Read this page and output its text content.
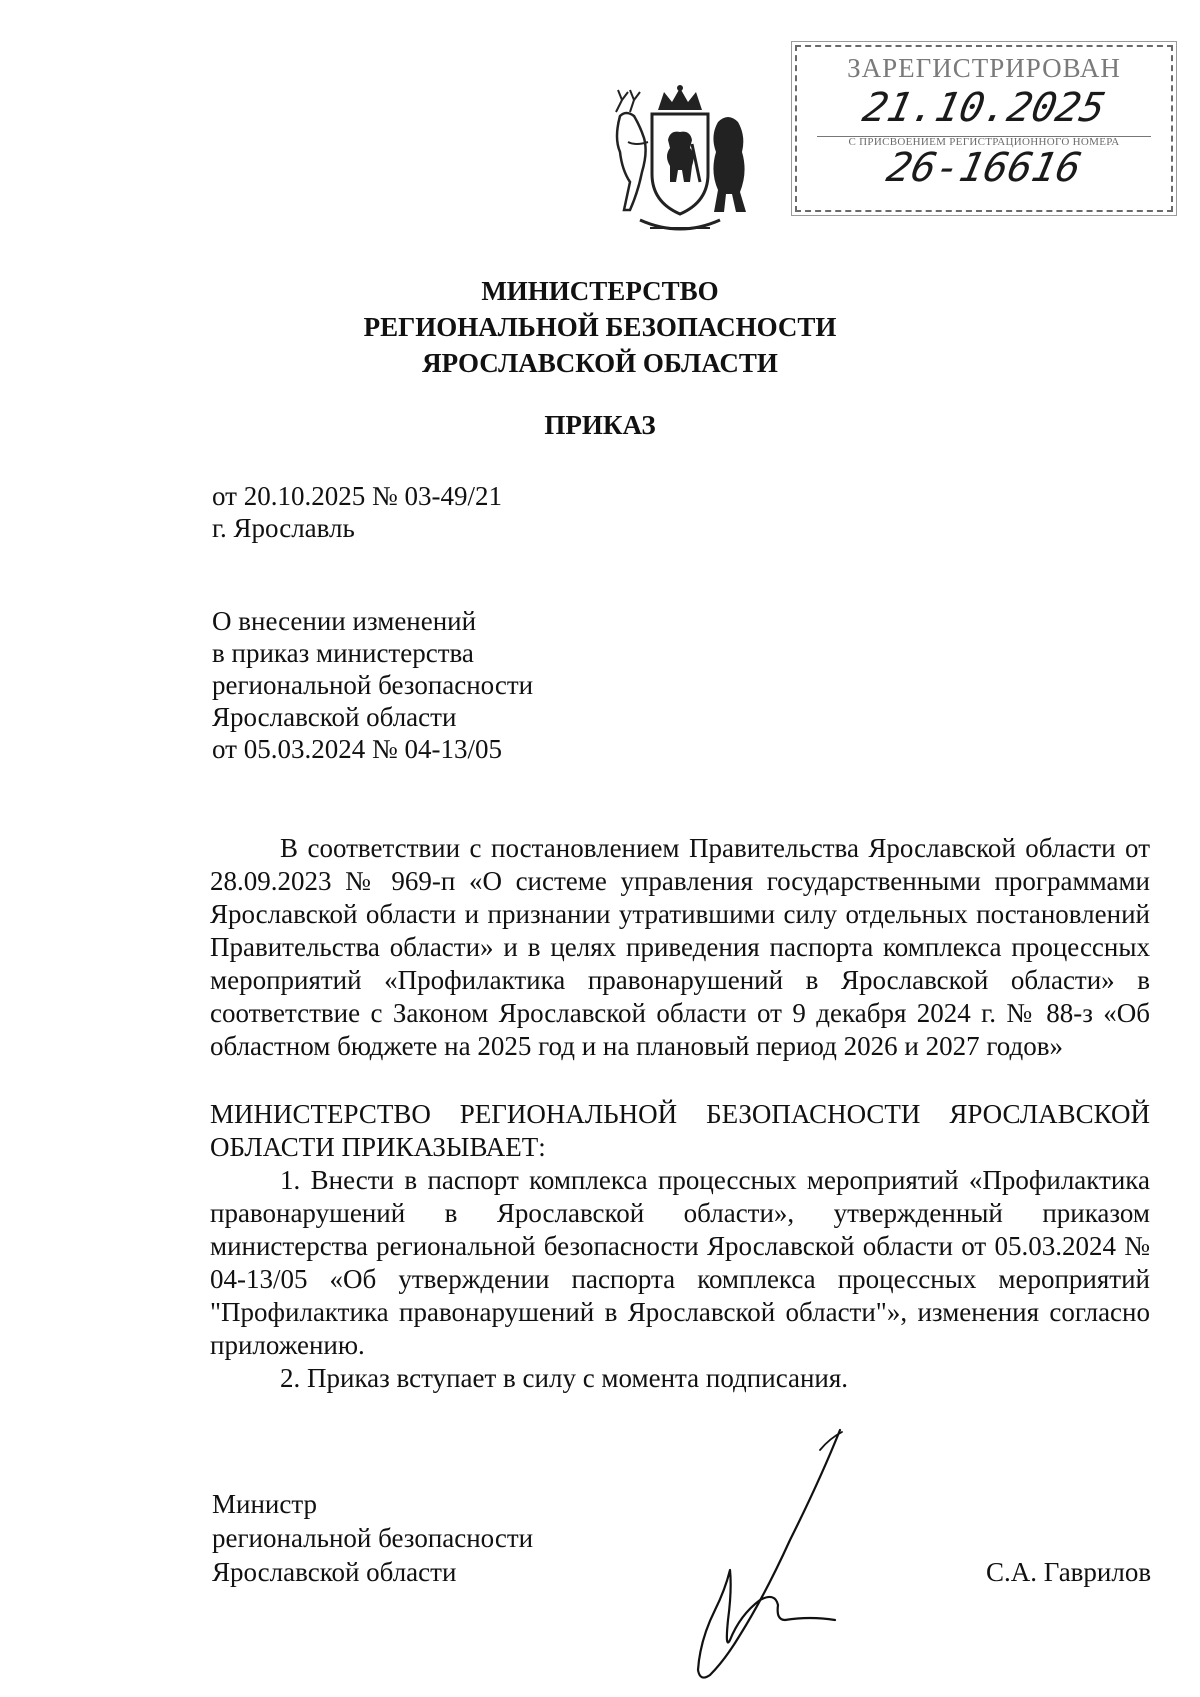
ЗАРЕГИСТРИРОВАН
21.10.2025
С ПРИСВОЕНИЕМ РЕГИСТРАЦИОННОГО НОМЕРА
26-16616
МИНИСТЕРСТВО
РЕГИОНАЛЬНОЙ БЕЗОПАСНОСТИ
ЯРОСЛАВСКОЙ ОБЛАСТИ
ПРИКАЗ
от 20.10.2025 № 03-49/21
г. Ярославль
О внесении изменений
в приказ министерства
региональной безопасности
Ярославской области
от 05.03.2024 № 04-13/05

В соответствии с постановлением Правительства Ярославской области от 28.09.2023 № 969-п «О системе управления государственными программами Ярославской области и признании утратившими силу отдельных постановлений Правительства области» и в целях приведения паспорта комплекса процессных мероприятий «Профилактика правонарушений в Ярославской области» в соответствие с Законом Ярославской области от 9 декабря 2024 г. № 88-з «Об областном бюджете на 2025 год и на плановый период 2026 и 2027 годов»

МИНИСТЕРСТВО РЕГИОНАЛЬНОЙ БЕЗОПАСНОСТИ ЯРОСЛАВСКОЙ ОБЛАСТИ ПРИКАЗЫВАЕТ:

1. Внести в паспорт комплекса процессных мероприятий «Профилактика правонарушений в Ярославской области», утвержденный приказом министерства региональной безопасности Ярославской области от 05.03.2024 № 04-13/05 «Об утверждении паспорта комплекса процессных мероприятий "Профилактика правонарушений в Ярославской области"», изменения согласно приложению.

2. Приказ вступает в силу с момента подписания.

Министр
региональной безопасности
Ярославской области	С.А. Гаврилов
